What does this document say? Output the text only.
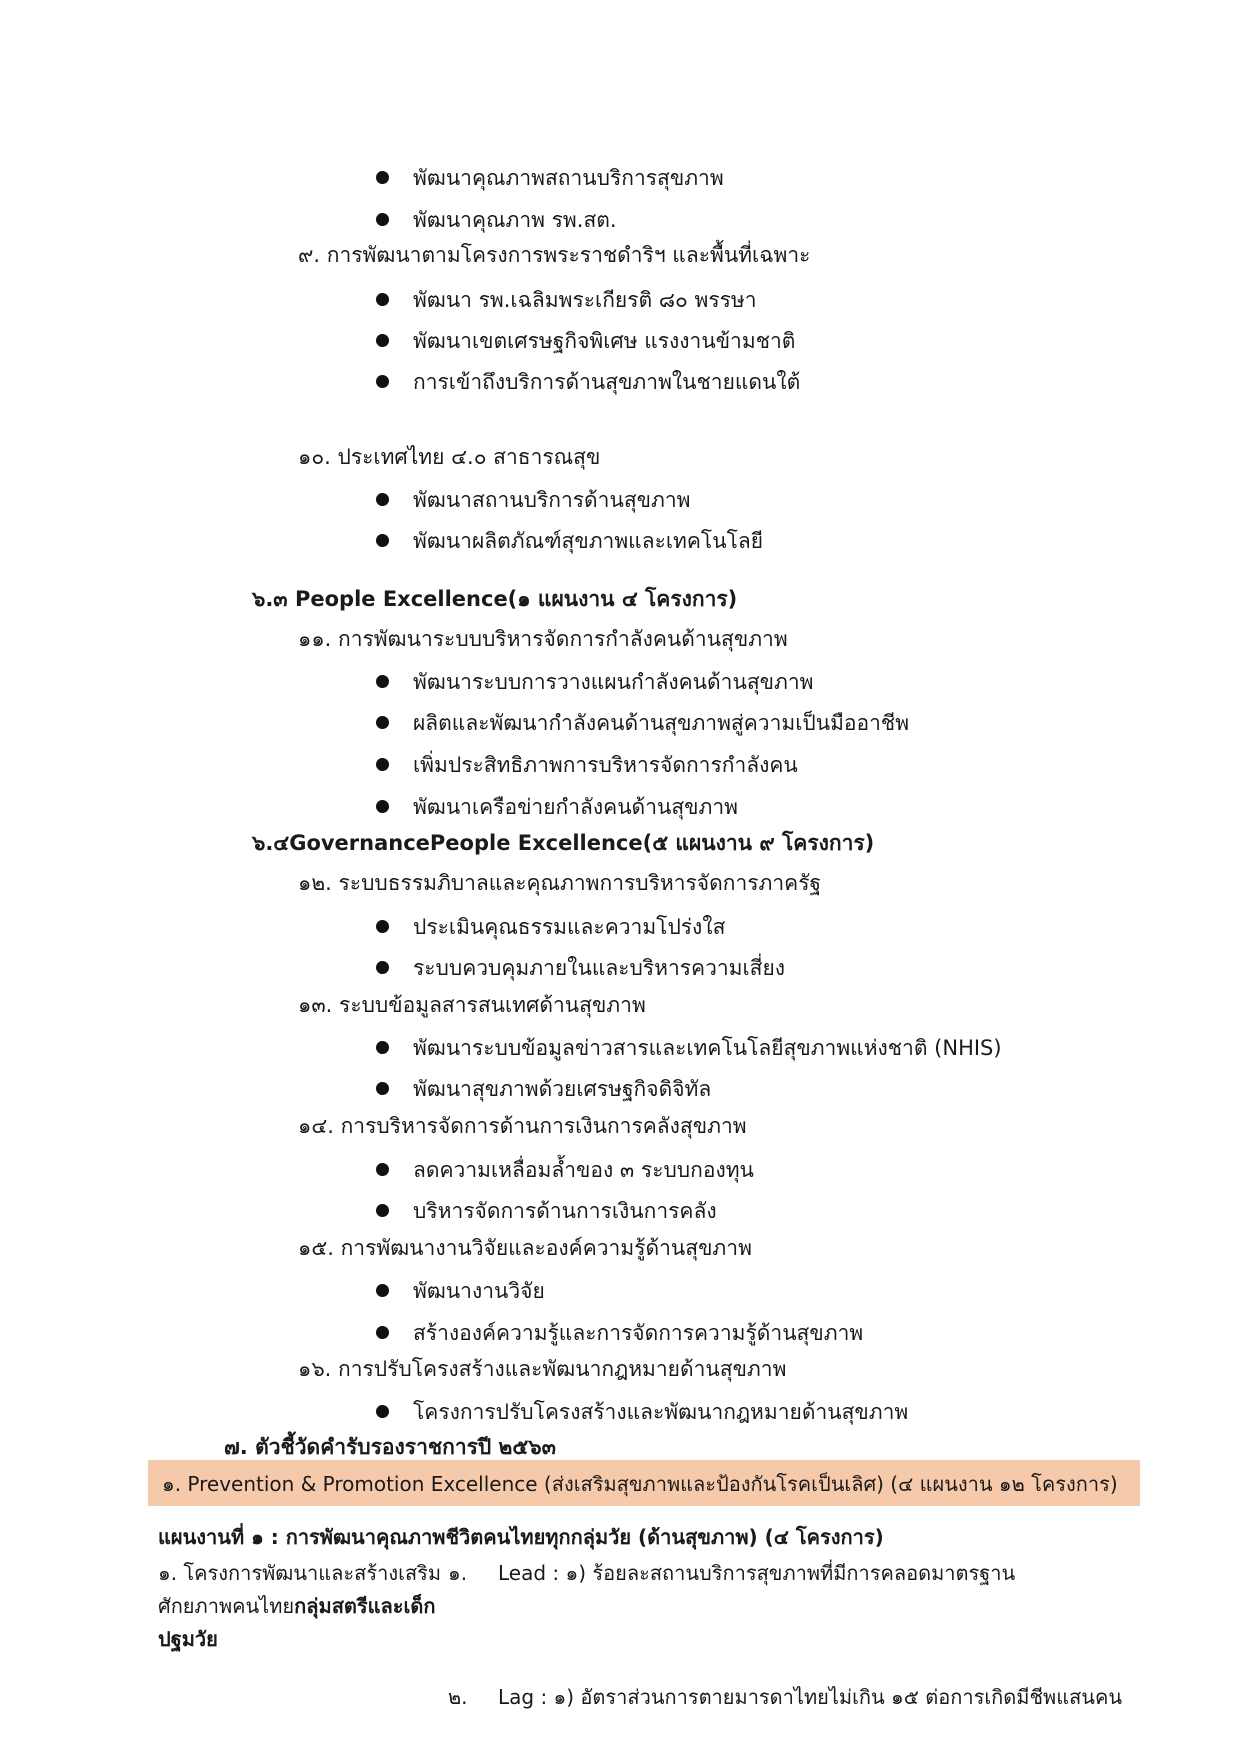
พัฒนาคุณภาพสถานบริการสุขภาพ
พัฒนาคุณภาพ รพ.สต.
๙. การพัฒนาตามโครงการพระราชดำริฯ และพื้นที่เฉพาะ
พัฒนา รพ.เฉลิมพระเกียรติ ๘๐ พรรษา
พัฒนาเขตเศรษฐกิจพิเศษ แรงงานข้ามชาติ
การเข้าถึงบริการด้านสุขภาพในชายแดนใต้
๑๐. ประเทศไทย ๔.๐ สาธารณสุข
พัฒนาสถานบริการด้านสุขภาพ
พัฒนาผลิตภัณฑ์สุขภาพและเทคโนโลยี
๖.๓ People Excellence(๑ แผนงาน ๔ โครงการ)
๑๑. การพัฒนาระบบบริหารจัดการกำลังคนด้านสุขภาพ
พัฒนาระบบการวางแผนกำลังคนด้านสุขภาพ
ผลิตและพัฒนากำลังคนด้านสุขภาพสู่ความเป็นมืออาชีพ
เพิ่มประสิทธิภาพการบริหารจัดการกำลังคน
พัฒนาเครือข่ายกำลังคนด้านสุขภาพ
๖.๔GovernancePeople Excellence(๕ แผนงาน ๙ โครงการ)
๑๒. ระบบธรรมภิบาลและคุณภาพการบริหารจัดการภาครัฐ
ประเมินคุณธรรมและความโปร่งใส
ระบบควบคุมภายในและบริหารความเสี่ยง
๑๓. ระบบข้อมูลสารสนเทศด้านสุขภาพ
พัฒนาระบบข้อมูลข่าวสารและเทคโนโลยีสุขภาพแห่งชาติ (NHIS)
พัฒนาสุขภาพด้วยเศรษฐกิจดิจิทัล
๑๔. การบริหารจัดการด้านการเงินการคลังสุขภาพ
ลดความเหลื่อมล้ำของ ๓ ระบบกองทุน
บริหารจัดการด้านการเงินการคลัง
๑๕. การพัฒนางานวิจัยและองค์ความรู้ด้านสุขภาพ
พัฒนางานวิจัย
สร้างองค์ความรู้และการจัดการความรู้ด้านสุขภาพ
๑๖. การปรับโครงสร้างและพัฒนากฎหมายด้านสุขภาพ
โครงการปรับโครงสร้างและพัฒนากฎหมายด้านสุขภาพ
๗. ตัวชี้วัดคำรับรองราชการปี ๒๕๖๓
๑. Prevention & Promotion Excellence (ส่งเสริมสุขภาพและป้องกันโรคเป็นเลิศ) (๔ แผนงาน ๑๒ โครงการ)
แผนงานที่ ๑ : การพัฒนาคุณภาพชีวิตคนไทยทุกกลุ่มวัย (ด้านสุขภาพ) (๔ โครงการ)
๑. โครงการพัฒนาและสร้างเสริม
ศักยภาพคนไทยกลุ่มสตรีและเด็ก
ปฐมวัย
๑. Lead : ๑) ร้อยละสถานบริการสุขภาพที่มีการคลอดมาตรฐาน
๒. Lag : ๑) อัตราส่วนการตายมารดาไทยไม่เกิน ๑๕ ต่อการเกิดมีชีพแสนคน
